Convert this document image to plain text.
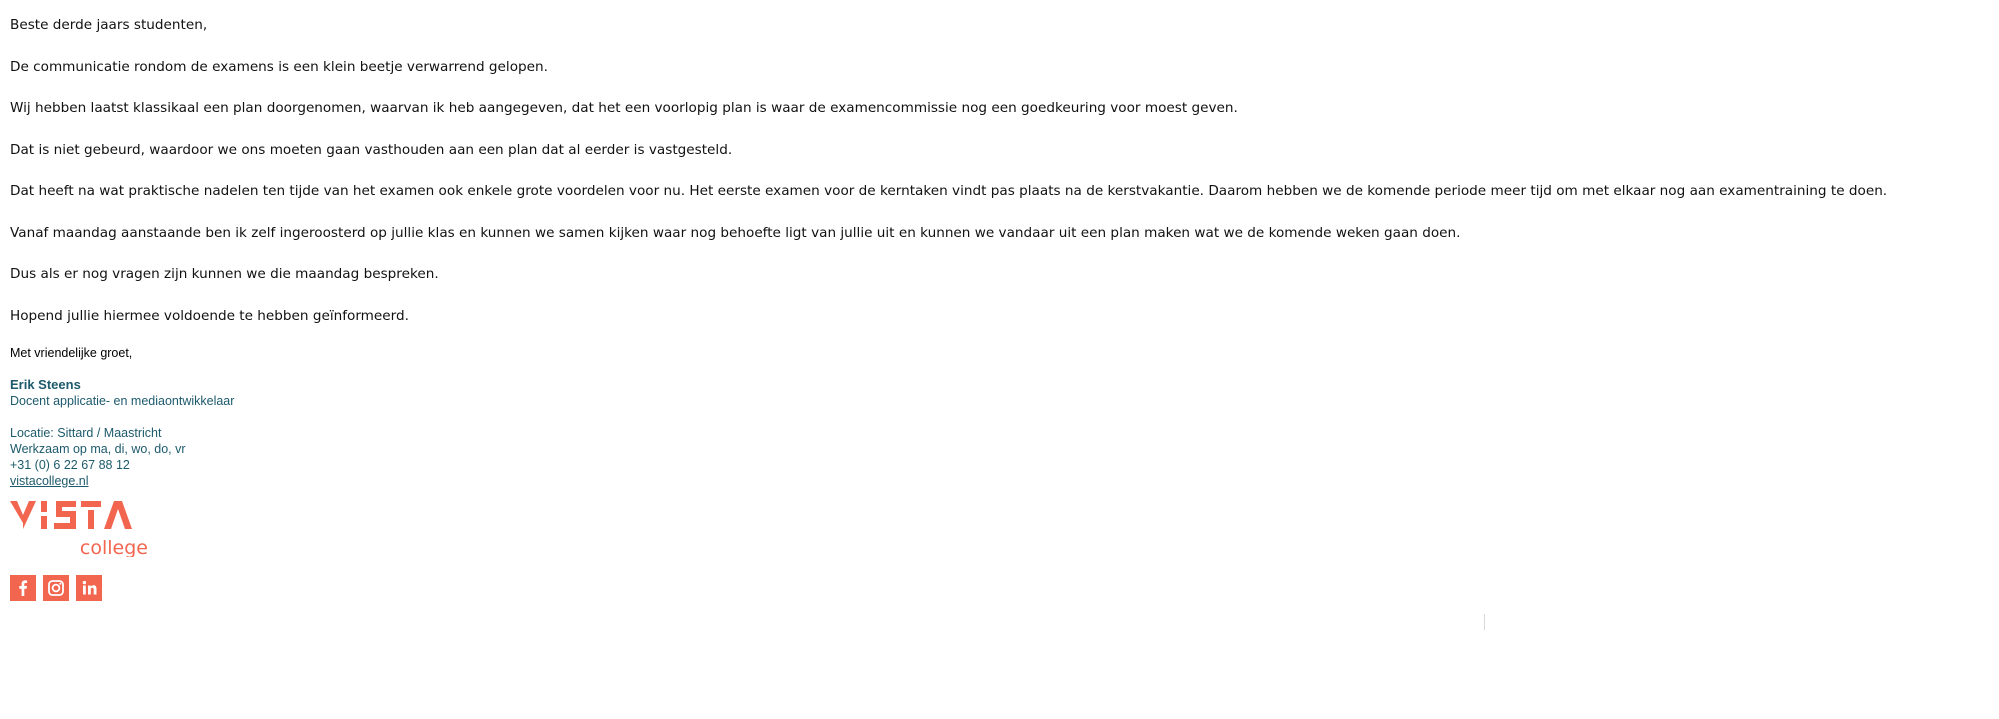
Beste derde jaars studenten,

De communicatie rondom de examens is een klein beetje verwarrend gelopen.

Wij hebben laatst klassikaal een plan doorgenomen, waarvan ik heb aangegeven, dat het een voorlopig plan is waar de examencommissie nog een goedkeuring voor moest geven.

Dat is niet gebeurd, waardoor we ons moeten gaan vasthouden aan een plan dat al eerder is vastgesteld.

Dat heeft na wat praktische nadelen ten tijde van het examen ook enkele grote voordelen voor nu. Het eerste examen voor de kerntaken vindt pas plaats na de kerstvakantie. Daarom hebben we de komende periode meer tijd om met elkaar nog aan examentraining te doen.

Vanaf maandag aanstaande ben ik zelf ingeroosterd op jullie klas en kunnen we samen kijken waar nog behoefte ligt van jullie uit en kunnen we vandaar uit een plan maken wat we de komende weken gaan doen.

Dus als er nog vragen zijn kunnen we die maandag bespreken.

Hopend jullie hiermee voldoende te hebben geïnformeerd.

Met vriendelijke groet,

Erik Steens
Docent applicatie- en mediaontwikkelaar
Locatie: Sittard / Maastricht
Werkzaam op ma, di, wo, do, vr
+31 (0) 6 22 67 88 12
vistacollege.nl
college
